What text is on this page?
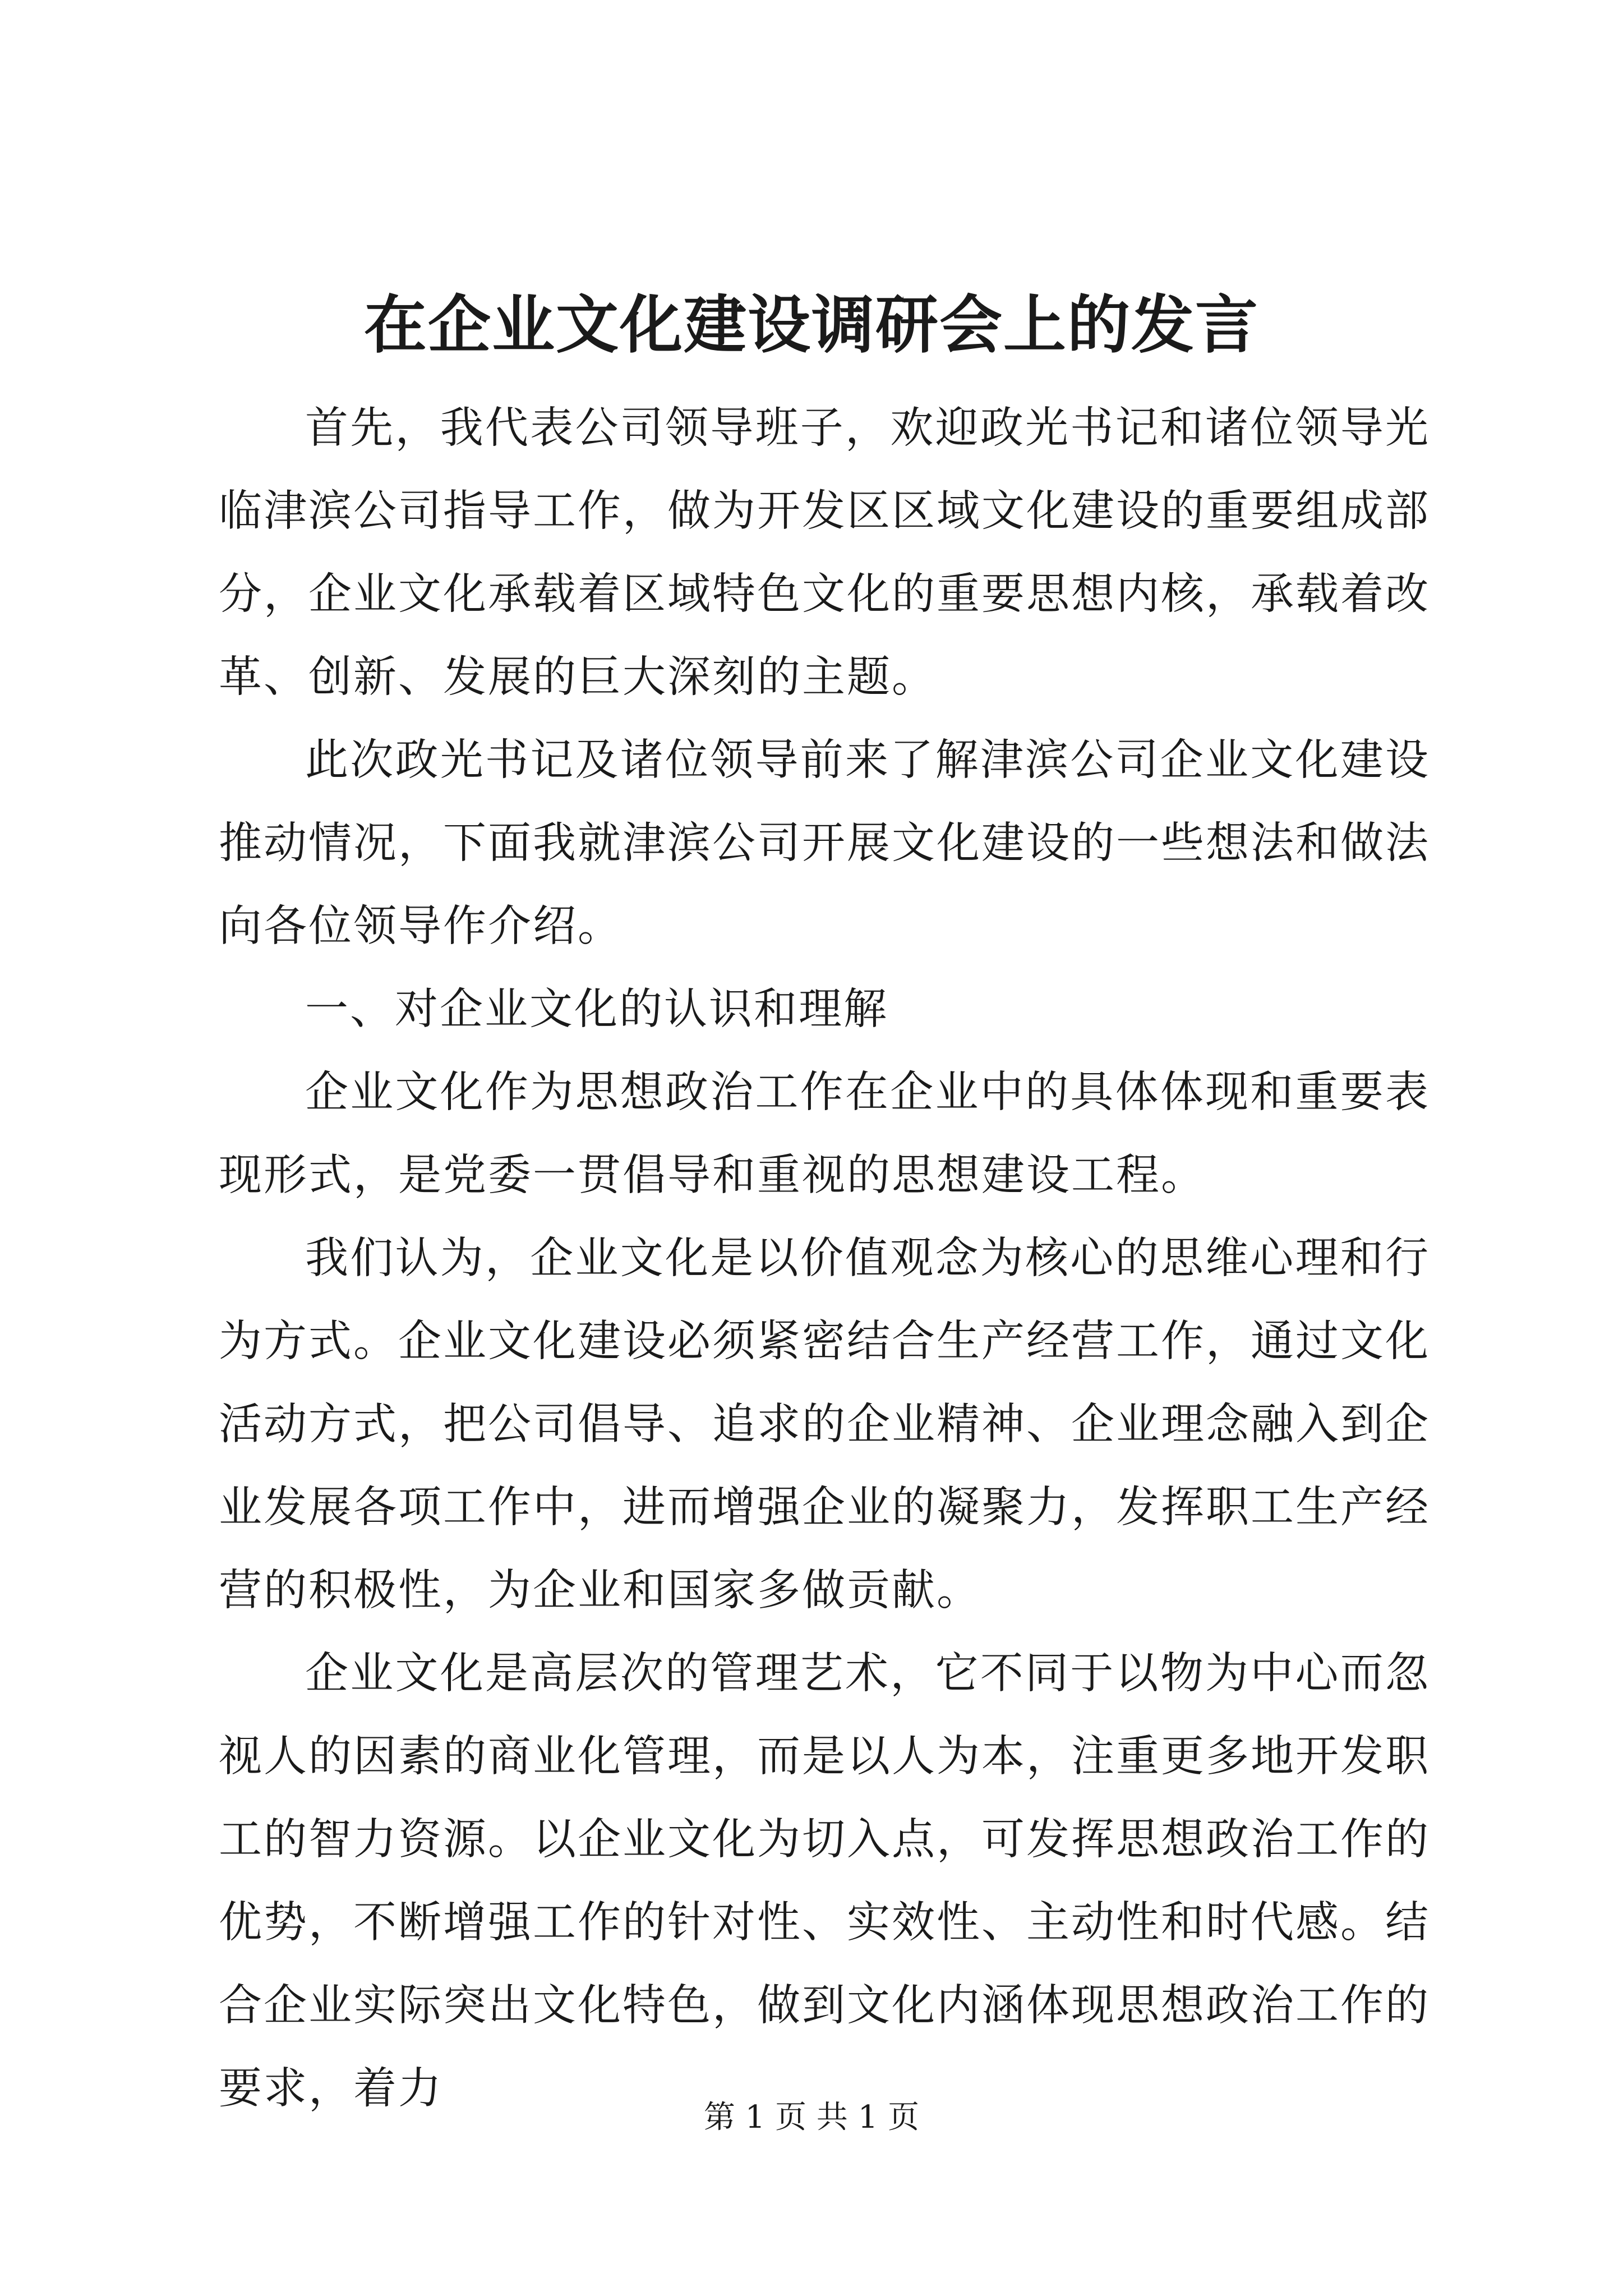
在企业文化建设调研会上的发言

首先，我代表公司领导班子，欢迎政光书记和诸位领导光临津滨公司指导工作，做为开发区区域文化建设的重要组成部分，企业文化承载着区域特色文化的重要思想内核，承载着改革、创新、发展的巨大深刻的主题。

此次政光书记及诸位领导前来了解津滨公司企业文化建设推动情况，下面我就津滨公司开展文化建设的一些想法和做法向各位领导作介绍。

一、对企业文化的认识和理解

企业文化作为思想政治工作在企业中的具体体现和重要表现形式，是党委一贯倡导和重视的思想建设工程。

我们认为，企业文化是以价值观念为核心的思维心理和行为方式。企业文化建设必须紧密结合生产经营工作，通过文化活动方式，把公司倡导、追求的企业精神、企业理念融入到企业发展各项工作中，进而增强企业的凝聚力，发挥职工生产经营的积极性，为企业和国家多做贡献。

企业文化是高层次的管理艺术，它不同于以物为中心而忽视人的因素的商业化管理，而是以人为本，注重更多地开发职工的智力资源。以企业文化为切入点，可发挥思想政治工作的优势，不断增强工作的针对性、实效性、主动性和时代感。结合企业实际突出文化特色，做到文化内涵体现思想政治工作的要求，着力

第 1 页 共 1 页
